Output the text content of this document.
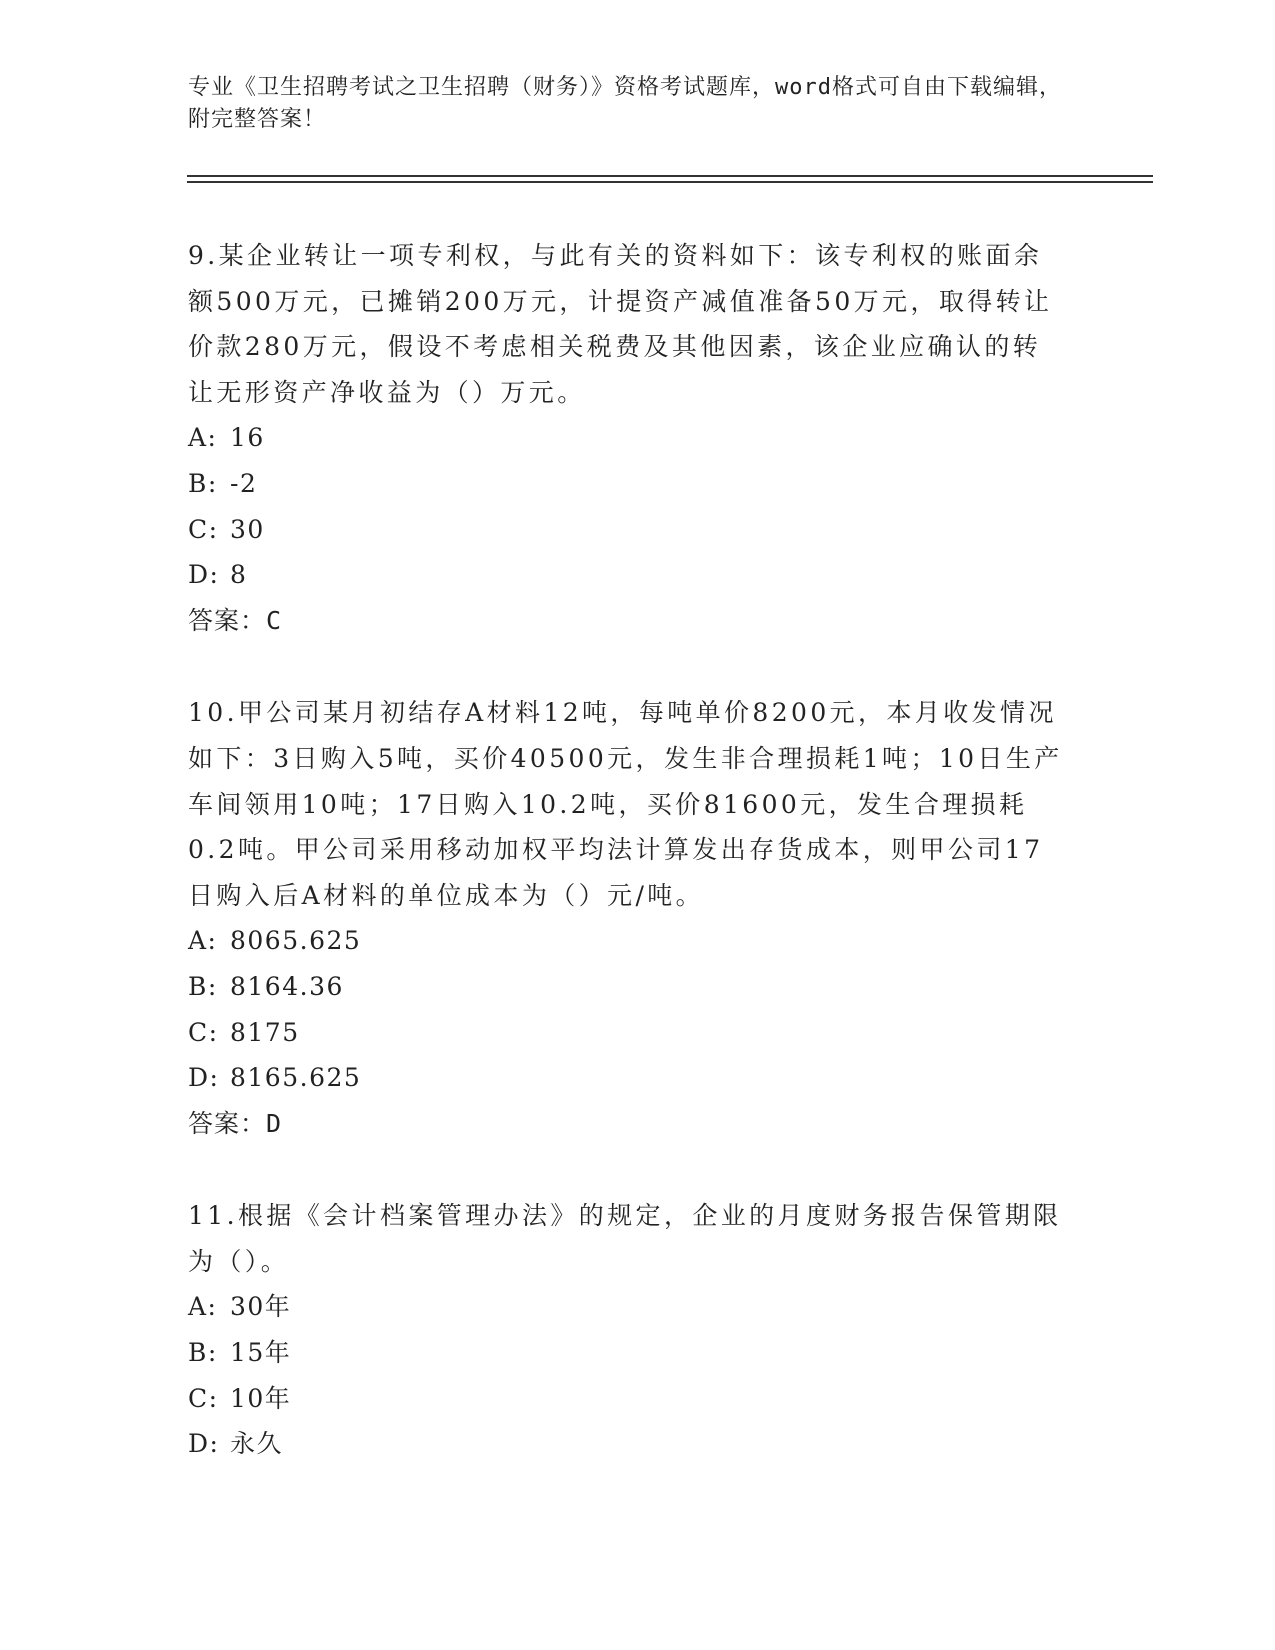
专业《卫生招聘考试之卫生招聘（财务）》资格考试题库，word格式可自由下载编辑，附完整答案！

9.某企业转让一项专利权，与此有关的资料如下：该专利权的账面余额500万元，已摊销200万元，计提资产减值准备50万元，取得转让价款280万元，假设不考虑相关税费及其他因素，该企业应确认的转让无形资产净收益为（）万元。

A: 16

B: -2

C: 30

D: 8

答案：C

10.甲公司某月初结存A材料12吨，每吨单价8200元，本月收发情况如下：3日购入5吨，买价40500元，发生非合理损耗1吨；10日生产车间领用10吨；17日购入10.2吨，买价81600元，发生合理损耗0.2吨。甲公司采用移动加权平均法计算发出存货成本，则甲公司17日购入后A材料的单位成本为（）元/吨。

A: 8065.625

B: 8164.36

C: 8175

D: 8165.625

答案：D

11.根据《会计档案管理办法》的规定，企业的月度财务报告保管期限为（）。

A: 30年

B: 15年

C: 10年

D: 永久
